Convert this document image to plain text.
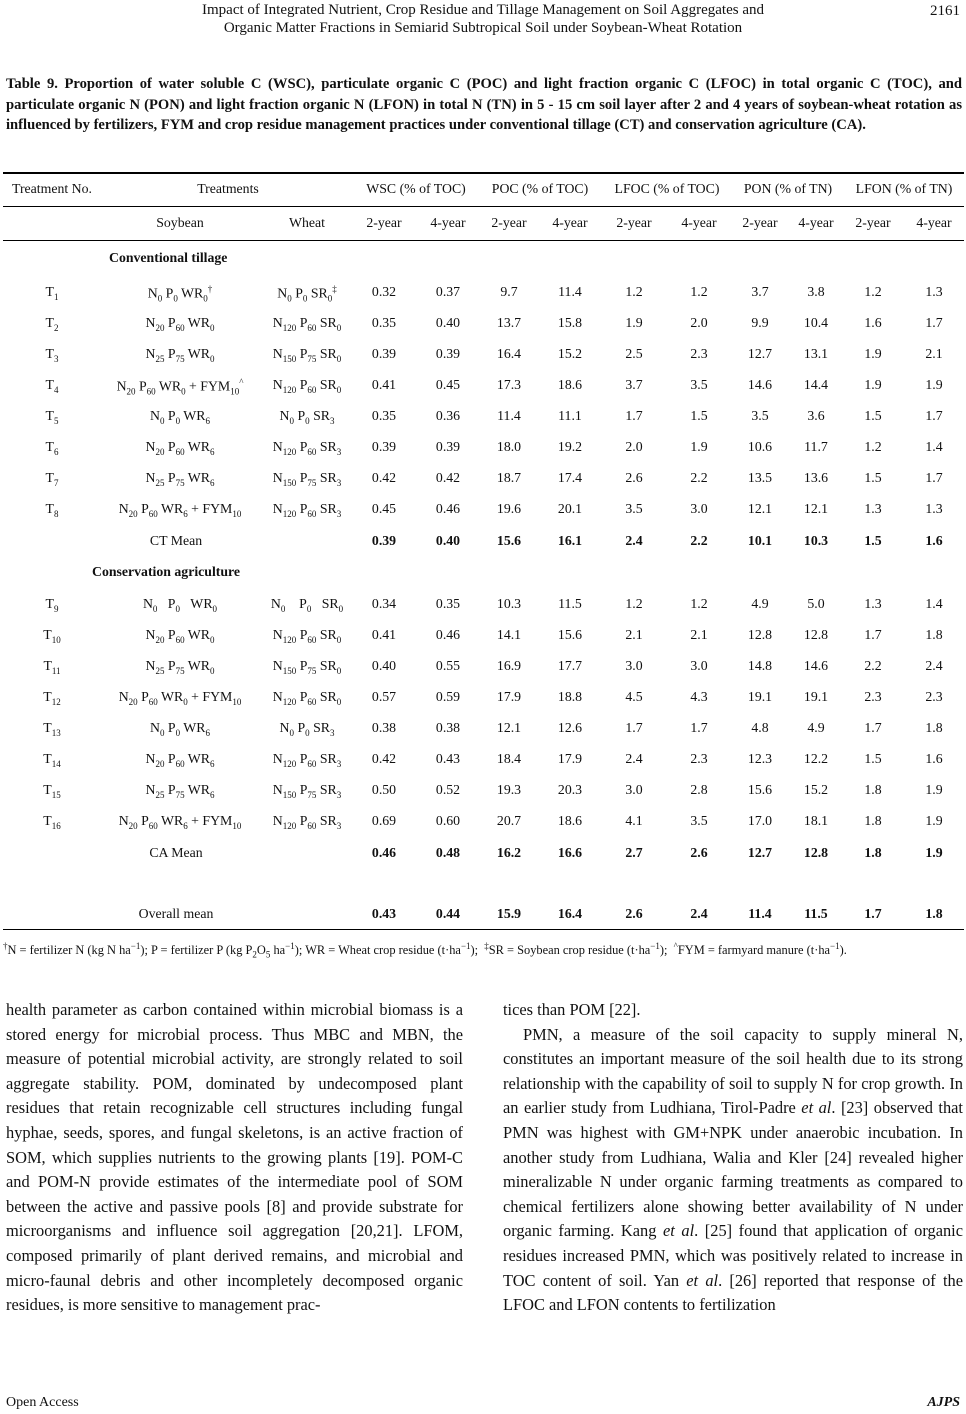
Impact of Integrated Nutrient, Crop Residue and Tillage Management on Soil Aggregates and
Organic Matter Fractions in Semiarid Subtropical Soil under Soybean-Wheat Rotation
2161
Table 9. Proportion of water soluble C (WSC), particulate organic C (POC) and light fraction organic C (LFOC) in total organic C (TOC), and particulate organic N (PON) and light fraction organic N (LFON) in total N (TN) in 5 - 15 cm soil layer after 2 and 4 years of soybean-wheat rotation as influenced by fertilizers, FYM and crop residue management practices under conventional tillage (CT) and conservation agriculture (CA).
Treatment No.	Treatments	WSC (% of TOC)	POC (% of TOC)	LFOC (% of TOC)	PON (% of TN)	LFON (% of TN)
Soybean	Wheat	2-year	4-year	2-year	4-year	2-year	4-year	2-year	4-year	2-year	4-year
Conventional tillage
$T_1$	$N_0$ $P_0$ $WR_0^\dagger$	$N_0$ $P_0$ $SR_0^\ddagger$	0.32	0.37	9.7	11.4	1.2	1.2	3.7	3.8	1.2	1.3
$T_2$	$N_{20}$ $P_{60}$ $WR_0$	$N_{120}$ $P_{60}$ $SR_0$	0.35	0.40	13.7	15.8	1.9	2.0	9.9	10.4	1.6	1.7
$T_3$	$N_{25}$ $P_{75}$ $WR_0$	$N_{150}$ $P_{75}$ $SR_0$	0.39	0.39	16.4	15.2	2.5	2.3	12.7	13.1	1.9	2.1
$T_4$	$N_{20}$ $P_{60}$ $WR_0 + FYM_{10}^{\^{}}$	$N_{120}$ $P_{60}$ $SR_0$	0.41	0.45	17.3	18.6	3.7	3.5	14.6	14.4	1.9	1.9
$T_5$	$N_0$ $P_0$ $WR_6$	$N_0$ $P_0$ $SR_3$	0.35	0.36	11.4	11.1	1.7	1.5	3.5	3.6	1.5	1.7
$T_6$	$N_{20}$ $P_{60}$ $WR_6$	$N_{120}$ $P_{60}$ $SR_3$	0.39	0.39	18.0	19.2	2.0	1.9	10.6	11.7	1.2	1.4
$T_7$	$N_{25}$ $P_{75}$ $WR_6$	$N_{150}$ $P_{75}$ $SR_3$	0.42	0.42	18.7	17.4	2.6	2.2	13.5	13.6	1.5	1.7
$T_8$	$N_{20}$ $P_{60}$ $WR_6 + FYM_{10}$	$N_{120}$ $P_{60}$ $SR_3$	0.45	0.46	19.6	20.1	3.5	3.0	12.1	12.1	1.3	1.3
CT Mean	0.39	0.40	15.6	16.1	2.4	2.2	10.1	10.3	1.5	1.6
Conservation agriculture
$T_9$	$N_0$   $P_0$   $WR_0$	$N_0$    $P_0$   $SR_0$	0.34	0.35	10.3	11.5	1.2	1.2	4.9	5.0	1.3	1.4
$T_{10}$	$N_{20}$ $P_{60}$ $WR_0$	$N_{120}$ $P_{60}$ $SR_0$	0.41	0.46	14.1	15.6	2.1	2.1	12.8	12.8	1.7	1.8
$T_{11}$	$N_{25}$ $P_{75}$ $WR_0$	$N_{150}$ $P_{75}$ $SR_0$	0.40	0.55	16.9	17.7	3.0	3.0	14.8	14.6	2.2	2.4
$T_{12}$	$N_{20}$ $P_{60}$ $WR_0 + FYM_{10}$	$N_{120}$ $P_{60}$ $SR_0$	0.57	0.59	17.9	18.8	4.5	4.3	19.1	19.1	2.3	2.3
$T_{13}$	$N_0$ $P_0$ $WR_6$	$N_0$ $P_0$ $SR_3$	0.38	0.38	12.1	12.6	1.7	1.7	4.8	4.9	1.7	1.8
$T_{14}$	$N_{20}$ $P_{60}$ $WR_6$	$N_{120}$ $P_{60}$ $SR_3$	0.42	0.43	18.4	17.9	2.4	2.3	12.3	12.2	1.5	1.6
$T_{15}$	$N_{25}$ $P_{75}$ $WR_6$	$N_{150}$ $P_{75}$ $SR_3$	0.50	0.52	19.3	20.3	3.0	2.8	15.6	15.2	1.8	1.9
$T_{16}$	$N_{20}$ $P_{60}$ $WR_6 + FYM_{10}$	$N_{120}$ $P_{60}$ $SR_3$	0.69	0.60	20.7	18.6	4.1	3.5	17.0	18.1	1.8	1.9
CA Mean	0.46	0.48	16.2	16.6	2.7	2.6	12.7	12.8	1.8	1.9
Overall mean	0.43	0.44	15.9	16.4	2.6	2.4	11.4	11.5	1.7	1.8
†N = fertilizer N (kg N $ha^{-1}$); P = fertilizer P (kg $P_2O_5$ $ha^{-1}$); WR = Wheat crop residue $(t\cdot ha^{-1})$;  ‡SR = Soybean crop residue $(t\cdot ha^{-1})$;  ^FYM = farmyard manure $(t\cdot ha^{-1})$.

health parameter as carbon contained within microbial biomass is a stored energy for microbial process. Thus MBC and MBN, the measure of potential microbial activity, are strongly related to soil aggregate stability. POM, dominated by undecomposed plant residues that retain recognizable cell structures including fungal hyphae, seeds, spores, and fungal skeletons, is an active fraction of SOM, which supplies nutrients to the growing plants [19]. POM-C and POM-N provide estimates of the intermediate pool of SOM between the active and passive pools [8] and provide substrate for microorganisms and influence soil aggregation [20,21]. LFOM, composed primarily of plant derived remains, and microbial and micro-faunal debris and other incompletely decomposed organic residues, is more sensitive to management prac-

tices than POM [22].

PMN, a measure of the soil capacity to supply mineral N, constitutes an important measure of the soil health due to its strong relationship with the capability of soil to supply N for crop growth. In an earlier study from Ludhiana, Tirol-Padre et al. [23] observed that PMN was highest with GM+NPK under anaerobic incubation. In another study from Ludhiana, Walia and Kler [24] revealed higher mineralizable N under organic farming treatments as compared to chemical fertilizers alone showing better availability of N under organic farming. Kang et al. [25] found that application of organic residues increased PMN, which was positively related to increase in TOC content of soil. Yan et al. [26] reported that response of the LFOC and LFON contents to fertilization

Open Access	AJPS
